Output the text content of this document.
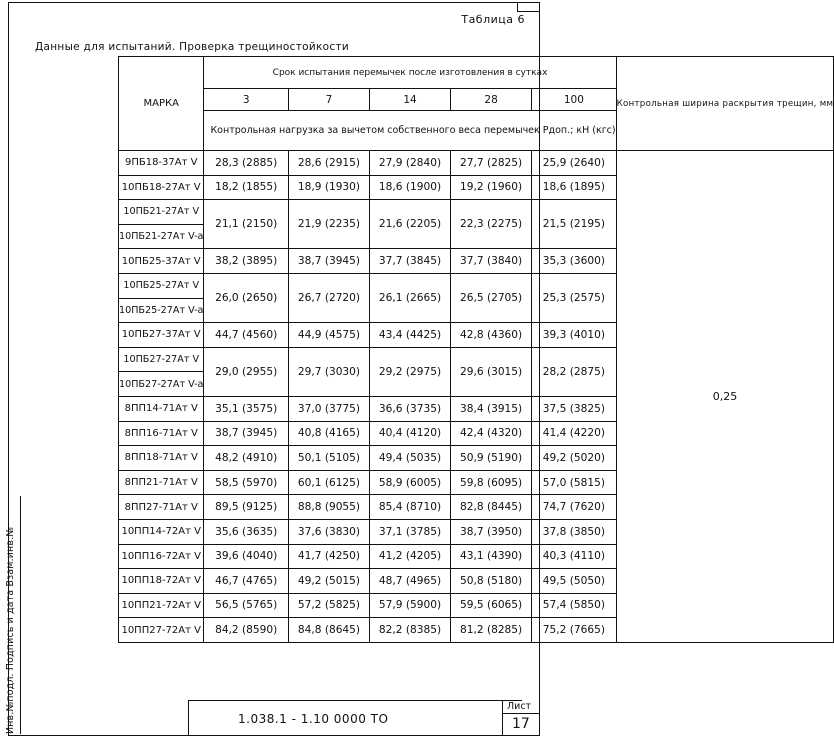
Таблица 6
Данные для испытаний. Проверка трещиностойкости
МАРКА	Срок испытания перемычек после изготовления в сутках					Контрольная ширина раскрытия трещин, мм
	3	7	14	28	100	
	Контрольная нагрузка за вычетом собственного веса перемычек Pдоп.; кН (кгс)					
9ПБ18-37Ат V	28,3 (2885)	28,6 (2915)	27,9 (2840)	27,7 (2825)	25,9 (2640)	0,25
10ПБ18-27Ат V	18,2 (1855)	18,9 (1930)	18,6 (1900)	19,2 (1960)	18,6 (1895)	
10ПБ21-27Ат V	21,1 (2150)	21,9 (2235)	21,6 (2205)	22,3 (2275)	21,5 (2195)	
10ПБ21-27Ат V-а						
10ПБ25-37Ат V	38,2 (3895)	38,7 (3945)	37,7 (3845)	37,7 (3840)	35,3 (3600)	
10ПБ25-27Ат V	26,0 (2650)	26,7 (2720)	26,1 (2665)	26,5 (2705)	25,3 (2575)	
10ПБ25-27Ат V-а						
10ПБ27-37Ат V	44,7 (4560)	44,9 (4575)	43,4 (4425)	42,8 (4360)	39,3 (4010)	
10ПБ27-27Ат V	29,0 (2955)	29,7 (3030)	29,2 (2975)	29,6 (3015)	28,2 (2875)	
10ПБ27-27Ат V-а						
8ПП14-71Ат V	35,1 (3575)	37,0 (3775)	36,6 (3735)	38,4 (3915)	37,5 (3825)	
8ПП16-71Ат V	38,7 (3945)	40,8 (4165)	40,4 (4120)	42,4 (4320)	41,4 (4220)	
8ПП18-71Ат V	48,2 (4910)	50,1 (5105)	49,4 (5035)	50,9 (5190)	49,2 (5020)	
8ПП21-71Ат V	58,5 (5970)	60,1 (6125)	58,9 (6005)	59,8 (6095)	57,0 (5815)	
8ПП27-71Ат V	89,5 (9125)	88,8 (9055)	85,4 (8710)	82,8 (8445)	74,7 (7620)	
10ПП14-72Ат V	35,6 (3635)	37,6 (3830)	37,1 (3785)	38,7 (3950)	37,8 (3850)	
10ПП16-72Ат V	39,6 (4040)	41,7 (4250)	41,2 (4205)	43,1 (4390)	40,3 (4110)	
10ПП18-72Ат V	46,7 (4765)	49,2 (5015)	48,7 (4965)	50,8 (5180)	49,5 (5050)	
10ПП21-72Ат V	56,5 (5765)	57,2 (5825)	57,9 (5900)	59,5 (6065)	57,4 (5850)	
10ПП27-72Ат V	84,2 (8590)	84,8 (8645)	82,2 (8385)	81,2 (8285)	75,2 (7665)	
Инв.№подл. Подпись и дата Взам.инв.№	1.038.1 - 1.10 0000 ТО
Лист
17
